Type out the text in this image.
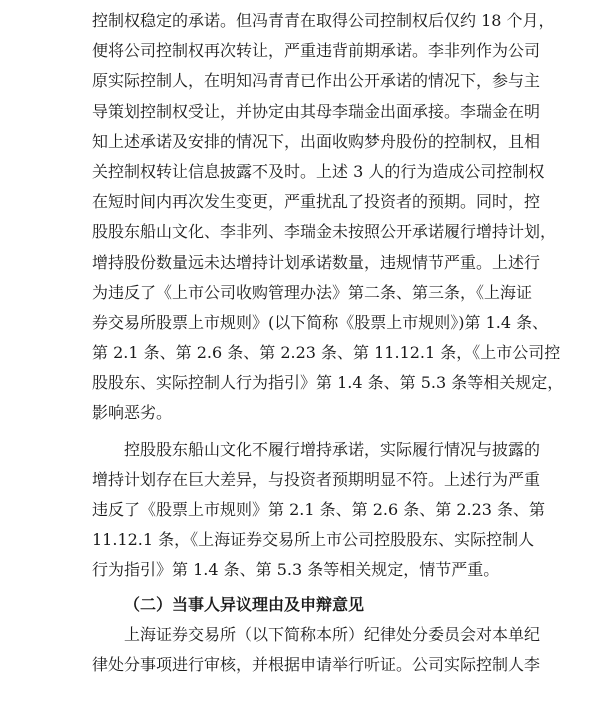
控制权稳定的承诺。但冯青青在取得公司控制权后仅约 18 个月，
便将公司控制权再次转让，严重违背前期承诺。李非列作为公司
原实际控制人，在明知冯青青已作出公开承诺的情况下，参与主
导策划控制权受让，并协定由其母李瑞金出面承接。李瑞金在明
知上述承诺及安排的情况下，出面收购梦舟股份的控制权，且相
关控制权转让信息披露不及时。上述 3 人的行为造成公司控制权
在短时间内再次发生变更，严重扰乱了投资者的预期。同时，控
股股东船山文化、李非列、李瑞金未按照公开承诺履行增持计划，
增持股份数量远未达增持计划承诺数量，违规情节严重。上述行
为违反了《上市公司收购管理办法》第二条、第三条，《上海证
券交易所股票上市规则》(以下简称《股票上市规则》)第 1.4 条、
第 2.1 条、第 2.6 条、第 2.23 条、第 11.12.1 条，《上市公司控
股股东、实际控制人行为指引》第 1.4 条、第 5.3 条等相关规定，
影响恶劣。
控股股东船山文化不履行增持承诺，实际履行情况与披露的
增持计划存在巨大差异，与投资者预期明显不符。上述行为严重
违反了《股票上市规则》第 2.1 条、第 2.6 条、第 2.23 条、第
11.12.1 条，《上海证券交易所上市公司控股股东、实际控制人
行为指引》第 1.4 条、第 5.3 条等相关规定，情节严重。
（二）当事人异议理由及申辩意见
上海证券交易所（以下简称本所）纪律处分委员会对本单纪
律处分事项进行审核，并根据申请举行听证。公司实际控制人李
